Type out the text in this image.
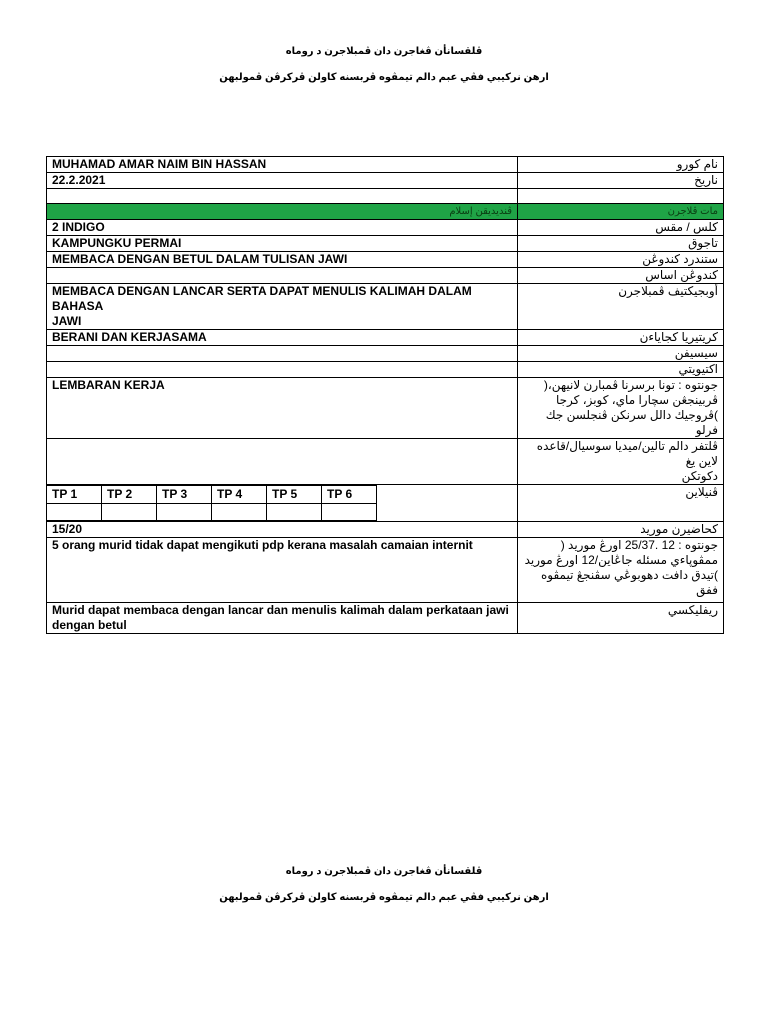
ڤلقسانأن ڤغاجرن دان ڤمبلاجرن د روماه
ارهن نركيبي فڤي عبم دالم تيمڤوه ڤربسنه كاولن ڤركرڤن ڤمولبهن
MUHAMAD AMAR NAIM BIN HASSAN	نام كورو
22.2.2021	ناريخ

ڤنديديقن إسلام	مات ڤلاجرن
2 INDIGO	كلس / مقس
KAMPUNGKU PERMAI	تاجوق
MEMBACA DENGAN BETUL DALAM TULISAN JAWI	ستندرد كندوڠن
	كندوڠن اساس

MEMBACA DENGAN LANCAR SERTA DAPAT MENULIS KALIMAH DALAM BAHASA
JAWI
	أوبجيكتيف ڤمبلاجرن
BERANI DAN KERJASAMA	كريتيريا كجاياءن
	سيسيفن
	اكتيويتي
LEMBARAN KERJA	جونتوه : تونا برسرنا ڤمبارن لانيهن،(
ڤربينجڠن سچارا ماي، كوبز، كرجا
)ڤروجيك دالل سرنكن ڤنجلسن جك فرلو

ڤلتفر دالم تالين/ميديا سوسيال/قاعده لاين يغ
دكوتكن

TP 1	TP 2	TP 3	TP 4	TP 5	TP 6

		ڤنيلاين
15/20	كحاضيرن موريد
5 orang murid tidak dapat mengikuti pdp kerana masalah camaian internit	جونتوه : 12 .25/37 اورڠ موريد (
ممڤوڽاءي مسئله جاڠاين/12 اورڠ موريد
)تيدق دافت دهوبوڠي سڤنجڠ تيمڤوه ففق

Murid dapat membaca dengan lancar dan menulis kalimah dalam perkataan jawi
dengan betul
	ريفليكسي
ڤلقسانأن ڤغاجرن دان ڤمبلاجرن د روماه
ارهن نركيبي فڤي عبم دالم تيمڤوه ڤربسنه كاولن ڤركرڤن ڤمولبهن
